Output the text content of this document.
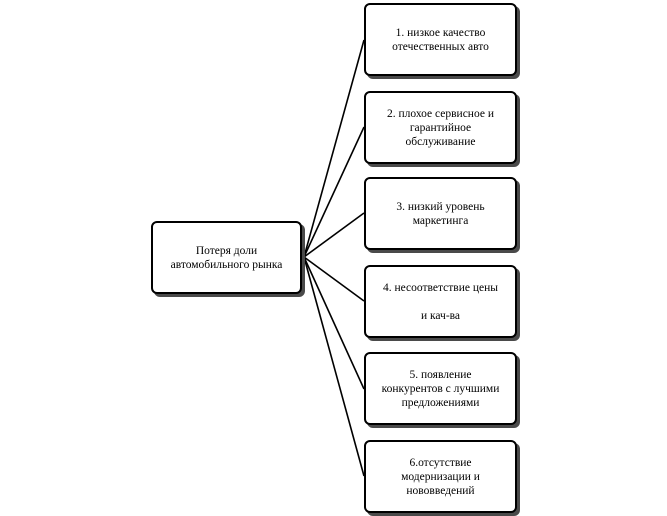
Потеря доли
автомобильного рынка
1. низкое качество
отечественных авто
2. плохое сервисное и
гарантийное
обслуживание
3. низкий уровень
маркетинга
4. несоответствие цены

и кач-ва
5. появление
конкурентов с лучшими
предложениями
6.отсутствие
модернизации и
нововведений
